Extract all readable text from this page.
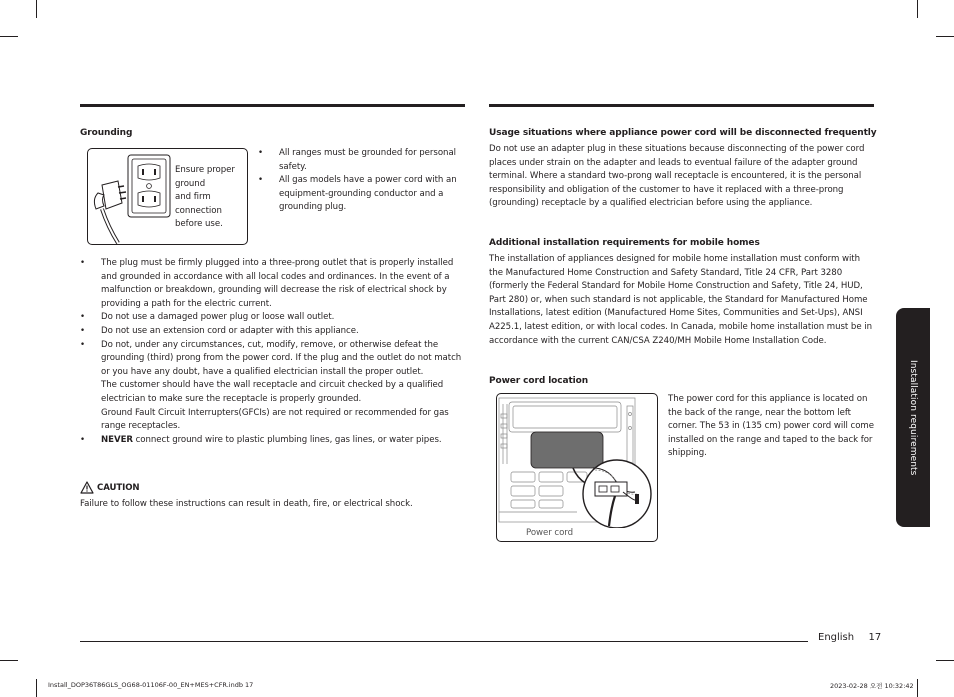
Grounding
Ensure proper
ground
and firm
connection
before use.
• All ranges must be grounded for personal safety.
• All gas models have a power cord with an equipment-grounding conductor and a grounding plug.
• The plug must be firmly plugged into a three-prong outlet that is properly installed and grounded in accordance with all local codes and ordinances. In the event of a malfunction or breakdown, grounding will decrease the risk of electrical shock by providing a path for the electric current.
• Do not use a damaged power plug or loose wall outlet.
• Do not use an extension cord or adapter with this appliance.
• Do not, under any circumstances, cut, modify, remove, or otherwise defeat the grounding (third) prong from the power cord. If the plug and the outlet do not match or you have any doubt, have a qualified electrician install the proper outlet.
The customer should have the wall receptacle and circuit checked by a qualified electrician to make sure the receptacle is properly grounded.
Ground Fault Circuit Interrupters(GFCIs) are not required or recommended for gas range receptacles.
• NEVER connect ground wire to plastic plumbing lines, gas lines, or water pipes.
CAUTION
Failure to follow these instructions can result in death, fire, or electrical shock.
Usage situations where appliance power cord will be disconnected frequently
Do not use an adapter plug in these situations because disconnecting of the power cord places under strain on the adapter and leads to eventual failure of the adapter ground terminal. Where a standard two-prong wall receptacle is encountered, it is the personal responsibility and obligation of the customer to have it replaced with a three-prong (grounding) receptacle by a qualified electrician before using the appliance.
Additional installation requirements for mobile homes
The installation of appliances designed for mobile home installation must conform with the Manufactured Home Construction and Safety Standard, Title 24 CFR, Part 3280 (formerly the Federal Standard for Mobile Home Construction and Safety, Title 24, HUD, Part 280) or, when such standard is not applicable, the Standard for Manufactured Home Installations, latest edition (Manufactured Home Sites, Communities and Set-Ups), ANSI A225.1, latest edition, or with local codes. In Canada, mobile home installation must be in accordance with the current CAN/CSA Z240/MH Mobile Home Installation Code.
Power cord location
Power cord
The power cord for this appliance is located on the back of the range, near the bottom left corner. The 53 in (135 cm) power cord will come installed on the range and taped to the back for shipping.	Installation requirements
English 17
Install_DOP36T86GLS_OG68-01106F-00_EN+MES+CFR.indb 17	2023-02-28 오전 10:32:42
